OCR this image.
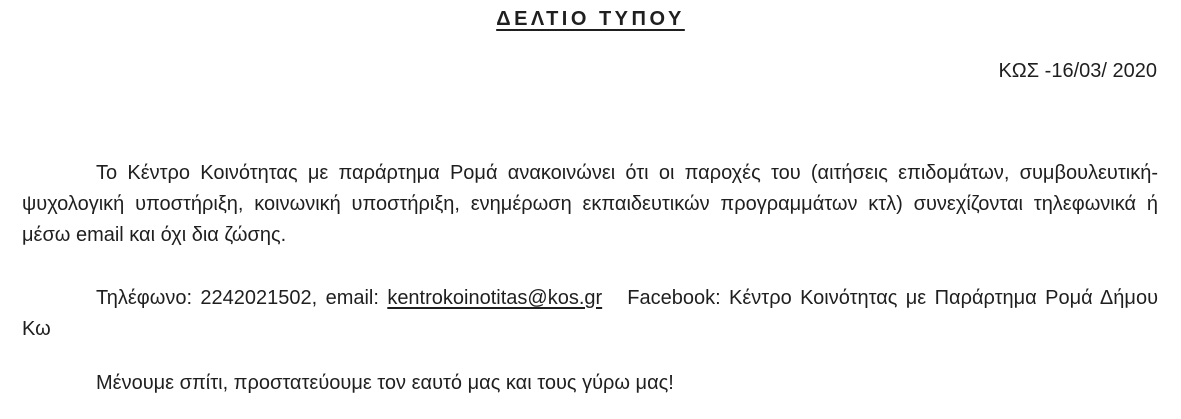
ΔΕΛΤΙΟ ΤΥΠΟΥ
ΚΩΣ -16/03/ 2020
Το Κέντρο Κοινότητας με παράρτημα Ρομά ανακοινώνει ότι οι παροχές του (αιτήσεις επιδομάτων, συμβουλευτική-ψυχολογική υποστήριξη, κοινωνική υποστήριξη, ενημέρωση εκπαιδευτικών προγραμμάτων κτλ) συνεχίζονται τηλεφωνικά ή μέσω email και όχι δια ζώσης.
Τηλέφωνο: 2242021502, email: kentrokoinotitas@kos.gr Facebook: Κέντρο Κοινότητας με Παράρτημα Ρομά Δήμου Κω
Μένουμε σπίτι, προστατεύουμε τον εαυτό μας και τους γύρω μας!
